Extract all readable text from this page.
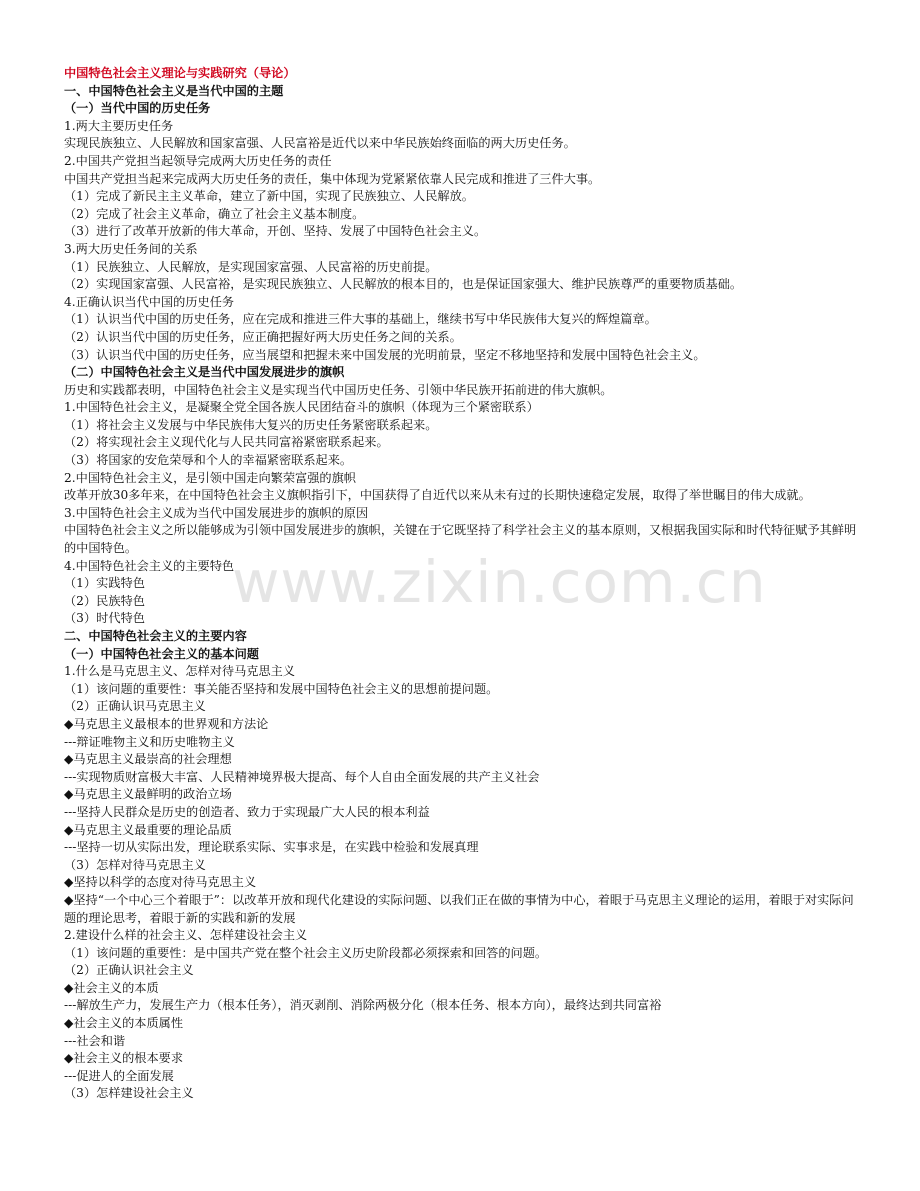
中国特色社会主义理论与实践研究（导论）
一、中国特色社会主义是当代中国的主题
（一）当代中国的历史任务
1.两大主要历史任务
实现民族独立、人民解放和国家富强、人民富裕是近代以来中华民族始终面临的两大历史任务。
2.中国共产党担当起领导完成两大历史任务的责任
中国共产党担当起来完成两大历史任务的责任，集中体现为党紧紧依靠人民完成和推进了三件大事。
（1）完成了新民主主义革命，建立了新中国，实现了民族独立、人民解放。
（2）完成了社会主义革命，确立了社会主义基本制度。
（3）进行了改革开放新的伟大革命，开创、坚持、发展了中国特色社会主义。
3.两大历史任务间的关系
（1）民族独立、人民解放，是实现国家富强、人民富裕的历史前提。
（2）实现国家富强、人民富裕，是实现民族独立、人民解放的根本目的，也是保证国家强大、维护民族尊严的重要物质基础。
4.正确认识当代中国的历史任务
（1）认识当代中国的历史任务，应在完成和推进三件大事的基础上，继续书写中华民族伟大复兴的辉煌篇章。
（2）认识当代中国的历史任务，应正确把握好两大历史任务之间的关系。
（3）认识当代中国的历史任务，应当展望和把握未来中国发展的光明前景，坚定不移地坚持和发展中国特色社会主义。
（二）中国特色社会主义是当代中国发展进步的旗帜
历史和实践都表明，中国特色社会主义是实现当代中国历史任务、引领中华民族开拓前进的伟大旗帜。
1.中国特色社会主义，是凝聚全党全国各族人民团结奋斗的旗帜（体现为三个紧密联系）
（1）将社会主义发展与中华民族伟大复兴的历史任务紧密联系起来。
（2）将实现社会主义现代化与人民共同富裕紧密联系起来。
（3）将国家的安危荣辱和个人的幸福紧密联系起来。
2.中国特色社会主义，是引领中国走向繁荣富强的旗帜
改革开放30多年来，在中国特色社会主义旗帜指引下，中国获得了自近代以来从未有过的长期快速稳定发展，取得了举世瞩目的伟大成就。
3.中国特色社会主义成为当代中国发展进步的旗帜的原因
中国特色社会主义之所以能够成为引领中国发展进步的旗帜，关键在于它既坚持了科学社会主义的基本原则，又根据我国实际和时代特征赋予其鲜明的中国特色。
4.中国特色社会主义的主要特色
（1）实践特色
（2）民族特色
（3）时代特色
二、中国特色社会主义的主要内容
（一）中国特色社会主义的基本问题
1.什么是马克思主义、怎样对待马克思主义
（1）该问题的重要性：事关能否坚持和发展中国特色社会主义的思想前提问题。
（2）正确认识马克思主义
◆马克思主义最根本的世界观和方法论
---辩证唯物主义和历史唯物主义
◆马克思主义最崇高的社会理想
---实现物质财富极大丰富、人民精神境界极大提高、每个人自由全面发展的共产主义社会
◆马克思主义最鲜明的政治立场
---坚持人民群众是历史的创造者、致力于实现最广大人民的根本利益
◆马克思主义最重要的理论品质
---坚持一切从实际出发，理论联系实际、实事求是，在实践中检验和发展真理
（3）怎样对待马克思主义
◆坚持以科学的态度对待马克思主义
◆坚持“一个中心三个着眼于”：以改革开放和现代化建设的实际问题、以我们正在做的事情为中心，着眼于马克思主义理论的运用，着眼于对实际问题的理论思考，着眼于新的实践和新的发展
2.建设什么样的社会主义、怎样建设社会主义
（1）该问题的重要性：是中国共产党在整个社会主义历史阶段都必须探索和回答的问题。
（2）正确认识社会主义
◆社会主义的本质
---解放生产力，发展生产力（根本任务），消灭剥削、消除两极分化（根本任务、根本方向），最终达到共同富裕
◆社会主义的本质属性
---社会和谐
◆社会主义的根本要求
---促进人的全面发展
（3）怎样建设社会主义
www.zixin.com.cn
